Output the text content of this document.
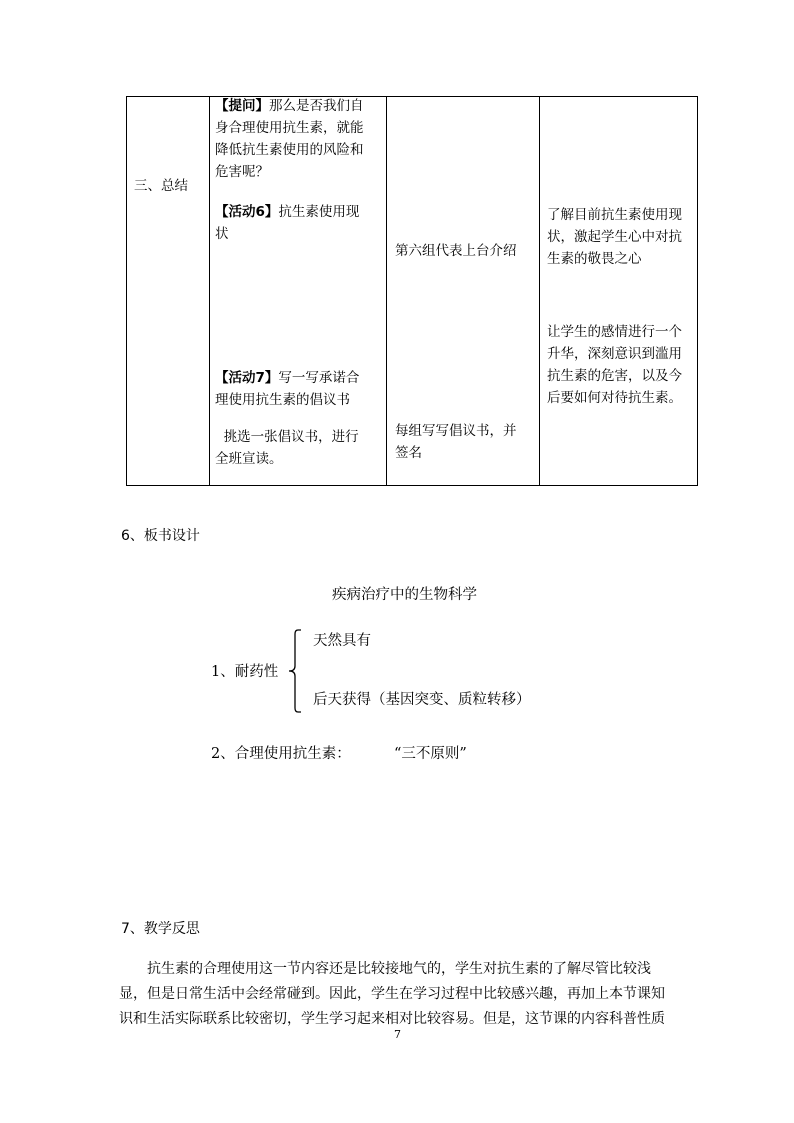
三、总结

【提问】那么是否我们自
身合理使用抗生素，就能
降低抗生素使用的风险和
危害呢？
【活动6】抗生素使用现
状
【活动7】写一写承诺合
理使用抗生素的倡议书
挑选一张倡议书，进行
全班宣读。

第六组代表上台介绍
每组写写倡议书，并
签名

了解目前抗生素使用现
状，激起学生心中对抗
生素的敬畏之心
让学生的感情进行一个
升华，深刻意识到滥用
抗生素的危害，以及今
后要如何对待抗生素。
6、板书设计
疾病治疗中的生物科学
1、耐药性
天然具有
后天获得（基因突变、质粒转移）
2、合理使用抗生素：	“三不原则”
7、教学反思
抗生素的合理使用这一节内容还是比较接地气的，学生对抗生素的了解尽管比较浅
显，但是日常生活中会经常碰到。因此，学生在学习过程中比较感兴趣，再加上本节课知
识和生活实际联系比较密切，学生学习起来相对比较容易。但是，这节课的内容科普性质
7
